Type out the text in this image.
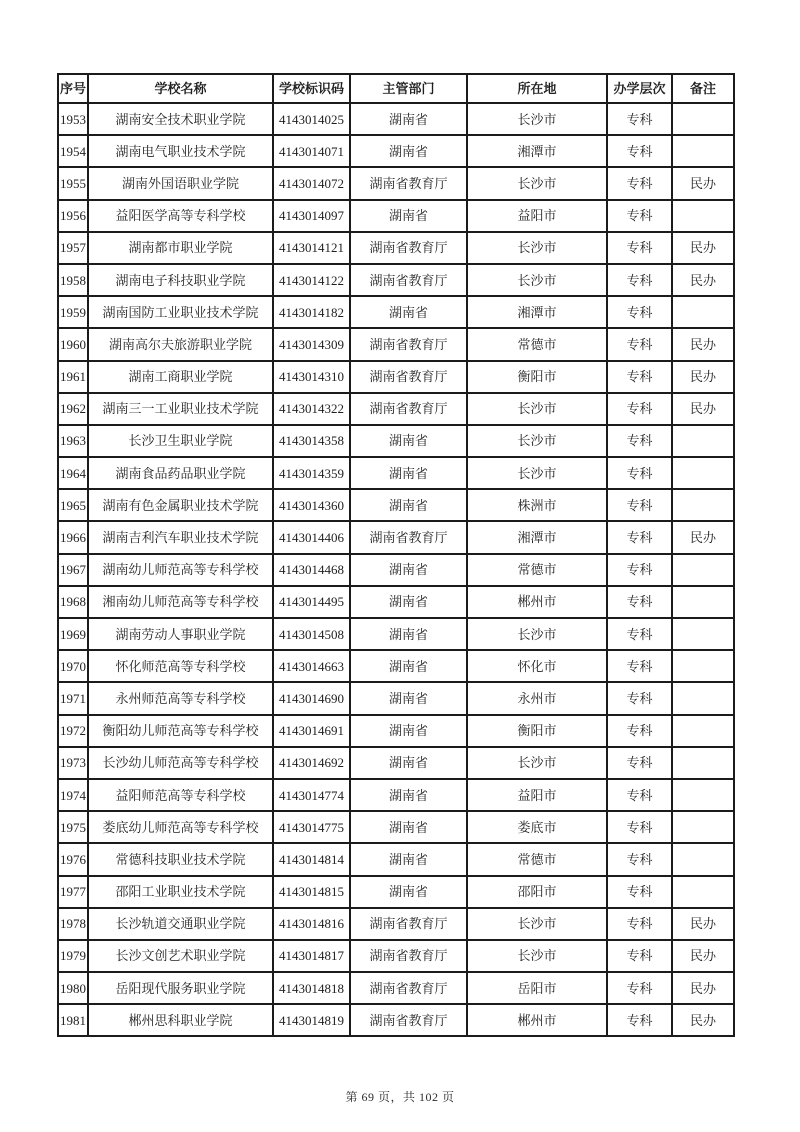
序号	学校名称	学校标识码	主管部门	所在地	办学层次	备注
1953	湖南安全技术职业学院	4143014025	湖南省	长沙市	专科	
1954	湖南电气职业技术学院	4143014071	湖南省	湘潭市	专科	
1955	湖南外国语职业学院	4143014072	湖南省教育厅	长沙市	专科	民办
1956	益阳医学高等专科学校	4143014097	湖南省	益阳市	专科	
1957	湖南都市职业学院	4143014121	湖南省教育厅	长沙市	专科	民办
1958	湖南电子科技职业学院	4143014122	湖南省教育厅	长沙市	专科	民办
1959	湖南国防工业职业技术学院	4143014182	湖南省	湘潭市	专科	
1960	湖南高尔夫旅游职业学院	4143014309	湖南省教育厅	常德市	专科	民办
1961	湖南工商职业学院	4143014310	湖南省教育厅	衡阳市	专科	民办
1962	湖南三一工业职业技术学院	4143014322	湖南省教育厅	长沙市	专科	民办
1963	长沙卫生职业学院	4143014358	湖南省	长沙市	专科	
1964	湖南食品药品职业学院	4143014359	湖南省	长沙市	专科	
1965	湖南有色金属职业技术学院	4143014360	湖南省	株洲市	专科	
1966	湖南吉利汽车职业技术学院	4143014406	湖南省教育厅	湘潭市	专科	民办
1967	湖南幼儿师范高等专科学校	4143014468	湖南省	常德市	专科	
1968	湘南幼儿师范高等专科学校	4143014495	湖南省	郴州市	专科	
1969	湖南劳动人事职业学院	4143014508	湖南省	长沙市	专科	
1970	怀化师范高等专科学校	4143014663	湖南省	怀化市	专科	
1971	永州师范高等专科学校	4143014690	湖南省	永州市	专科	
1972	衡阳幼儿师范高等专科学校	4143014691	湖南省	衡阳市	专科	
1973	长沙幼儿师范高等专科学校	4143014692	湖南省	长沙市	专科	
1974	益阳师范高等专科学校	4143014774	湖南省	益阳市	专科	
1975	娄底幼儿师范高等专科学校	4143014775	湖南省	娄底市	专科	
1976	常德科技职业技术学院	4143014814	湖南省	常德市	专科	
1977	邵阳工业职业技术学院	4143014815	湖南省	邵阳市	专科	
1978	长沙轨道交通职业学院	4143014816	湖南省教育厅	长沙市	专科	民办
1979	长沙文创艺术职业学院	4143014817	湖南省教育厅	长沙市	专科	民办
1980	岳阳现代服务职业学院	4143014818	湖南省教育厅	岳阳市	专科	民办
1981	郴州思科职业学院	4143014819	湖南省教育厅	郴州市	专科	民办
第 69 页，共 102 页
